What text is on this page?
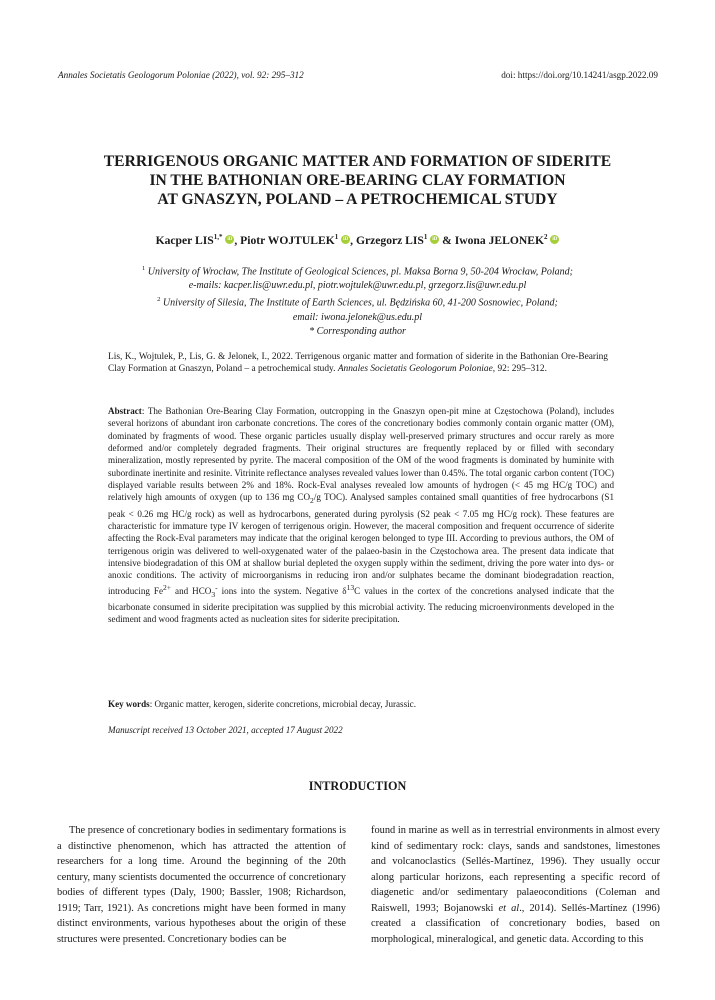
Annales Societatis Geologorum Poloniae (2022), vol. 92: 295–312	doi: https://doi.org/10.14241/asgp.2022.09
TERRIGENOUS ORGANIC MATTER AND FORMATION OF SIDERITE
IN THE BATHONIAN ORE-BEARING CLAY FORMATION
AT GNASZYN, POLAND – A PETROCHEMICAL STUDY
Kacper $LIS^{1,*}$ iD , Piotr WOJTULEK$^1$ iD , Grzegorz LIS$^1$ iD & Iwona JELONEK$^2$ iD
$^1$ University of Wrocław, The Institute of Geological Sciences, pl. Maksa Borna 9, 50-204 Wrocław, Poland;
e-mails: kacper.lis@uwr.edu.pl, piotr.wojtulek@uwr.edu.pl, grzegorz.lis@uwr.edu.pl
$^2$ University of Silesia, The Institute of Earth Sciences, ul. Będzińska 60, 41-200 Sosnowiec, Poland;
email: iwona.jelonek@us.edu.pl
* Corresponding author
Lis, K., Wojtulek, P., Lis, G. & Jelonek, I., 2022. Terrigenous organic matter and formation of siderite in the Bathonian Ore-Bearing Clay Formation at Gnaszyn, Poland – a petrochemical study. Annales Societatis Geologorum Poloniae, 92: 295–312.
Abstract: The Bathonian Ore-Bearing Clay Formation, outcropping in the Gnaszyn open-pit mine at Częstochowa (Poland), includes several horizons of abundant iron carbonate concretions. The cores of the concretionary bodies commonly contain organic matter (OM), dominated by fragments of wood. These organic particles usually display well-preserved primary structures and occur rarely as more deformed and/or completely degraded fragments. Their original structures are frequently replaced by or filled with secondary mineralization, mostly represented by pyrite. The maceral composition of the OM of the wood fragments is dominated by huminite with subordinate inertinite and resinite. Vitrinite reflectance analyses revealed values lower than 0.45%. The total organic carbon content (TOC) displayed variable results between 2% and 18%. Rock-Eval analyses revealed low amounts of hydrogen (< 45 mg HC/g TOC) and relatively high amounts of oxygen (up to 136 mg $CO_2/g$ TOC). Analysed samples contained small quantities of free hydrocarbons (S1 peak < 0.26 mg HC/g rock) as well as hydrocarbons, generated during pyrolysis (S2 peak < 7.05 mg HC/g rock). These features are characteristic for immature type IV kerogen of terrigenous origin. However, the maceral composition and frequent occurrence of siderite affecting the Rock-Eval parameters may indicate that the original kerogen belonged to type III. According to previous authors, the OM of terrigenous origin was delivered to well-oxygenated water of the palaeo-basin in the Częstochowa area. The present data indicate that intensive biodegradation of this OM at shallow burial depleted the oxygen supply within the sediment, driving the pore water into dys- or anoxic conditions. The activity of microorganisms in reducing iron and/or sulphates became the dominant biodegradation reaction, introducing $Fe^{2+}$ and $HCO_3^-$ ions into the system. Negative $\delta^{13}C$ values in the cortex of the concretions analysed indicate that the bicarbonate consumed in siderite precipitation was supplied by this microbial activity. The reducing microenvironments developed in the sediment and wood fragments acted as nucleation sites for siderite precipitation.
Key words: Organic matter, kerogen, siderite concretions, microbial decay, Jurassic.
Manuscript received 13 October 2021, accepted 17 August 2022
INTRODUCTION
The presence of concretionary bodies in sedimentary formations is a distinctive phenomenon, which has attracted the attention of researchers for a long time. Around the beginning of the 20th century, many scientists documented the occurrence of concretionary bodies of different types (Daly, 1900; Bassler, 1908; Richardson, 1919; Tarr, 1921). As concretions might have been formed in many distinct environments, various hypotheses about the origin of these structures were presented. Concretionary bodies can be
found in marine as well as in terrestrial environments in almost every kind of sedimentary rock: clays, sands and sandstones, limestones and volcanoclastics (Sellés-Martínez, 1996). They usually occur along particular horizons, each representing a specific record of diagenetic and/or sedimentary palaeoconditions (Coleman and Raiswell, 1993; Bojanowski et al., 2014). Sellés-Martínez (1996) created a classification of concretionary bodies, based on morphological, mineralogical, and genetic data. According to this
